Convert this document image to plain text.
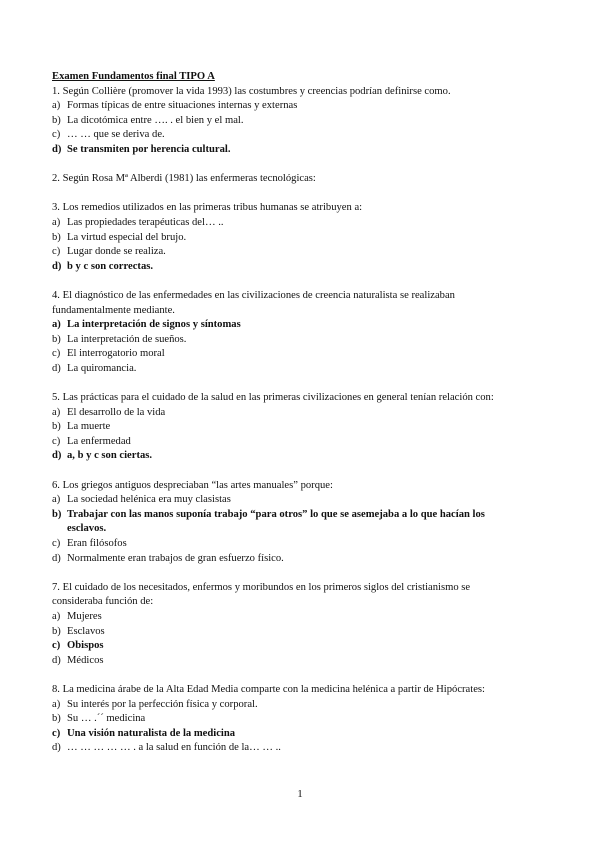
Examen Fundamentos final TIPO A
1. Según Collière (promover la vida 1993) las costumbres y creencias podrían definirse como.
a) Formas típicas de entre situaciones internas y externas
b) La dicotómica entre …. . el bien y el mal.
c) … … que se deriva de.
d) Se transmiten por herencia cultural.
2. Según Rosa Mª Alberdi (1981) las enfermeras tecnológicas:
3. Los remedios utilizados en las primeras tribus humanas se atribuyen a:
a) Las propiedades terapéuticas del… ..
b) La virtud especial del brujo.
c) Lugar donde se realiza.
d) b y c son correctas.
4. El diagnóstico de las enfermedades en las civilizaciones de creencia naturalista se realizaban fundamentalmente mediante.
a) La interpretación de signos y síntomas
b) La interpretación de sueños.
c) El interrogatorio moral
d) La quiromancia.
5. Las prácticas para el cuidado de la salud en las primeras civilizaciones en general tenían relación con:
a) El desarrollo de la vida
b) La muerte
c) La enfermedad
d) a, b y c son ciertas.
6. Los griegos antiguos despreciaban “las artes manuales” porque:
a) La sociedad helénica era muy clasistas
b) Trabajar con las manos suponía trabajo “para otros” lo que se asemejaba a lo que hacían los esclavos.
c) Eran filósofos
d) Normalmente eran trabajos de gran esfuerzo físico.
7. El cuidado de los necesitados, enfermos y moribundos en los primeros siglos del cristianismo se consideraba función de:
a) Mujeres
b) Esclavos
c) Obispos
d) Médicos
8. La medicina árabe de la Alta Edad Media comparte con la medicina helénica a partir de Hipócrates:
a) Su interés por la perfección física y corporal.
b) Su … .´´ medicina
c) Una visión naturalista de la medicina
d) … … … … … . a la salud en función de la… … ..
1
